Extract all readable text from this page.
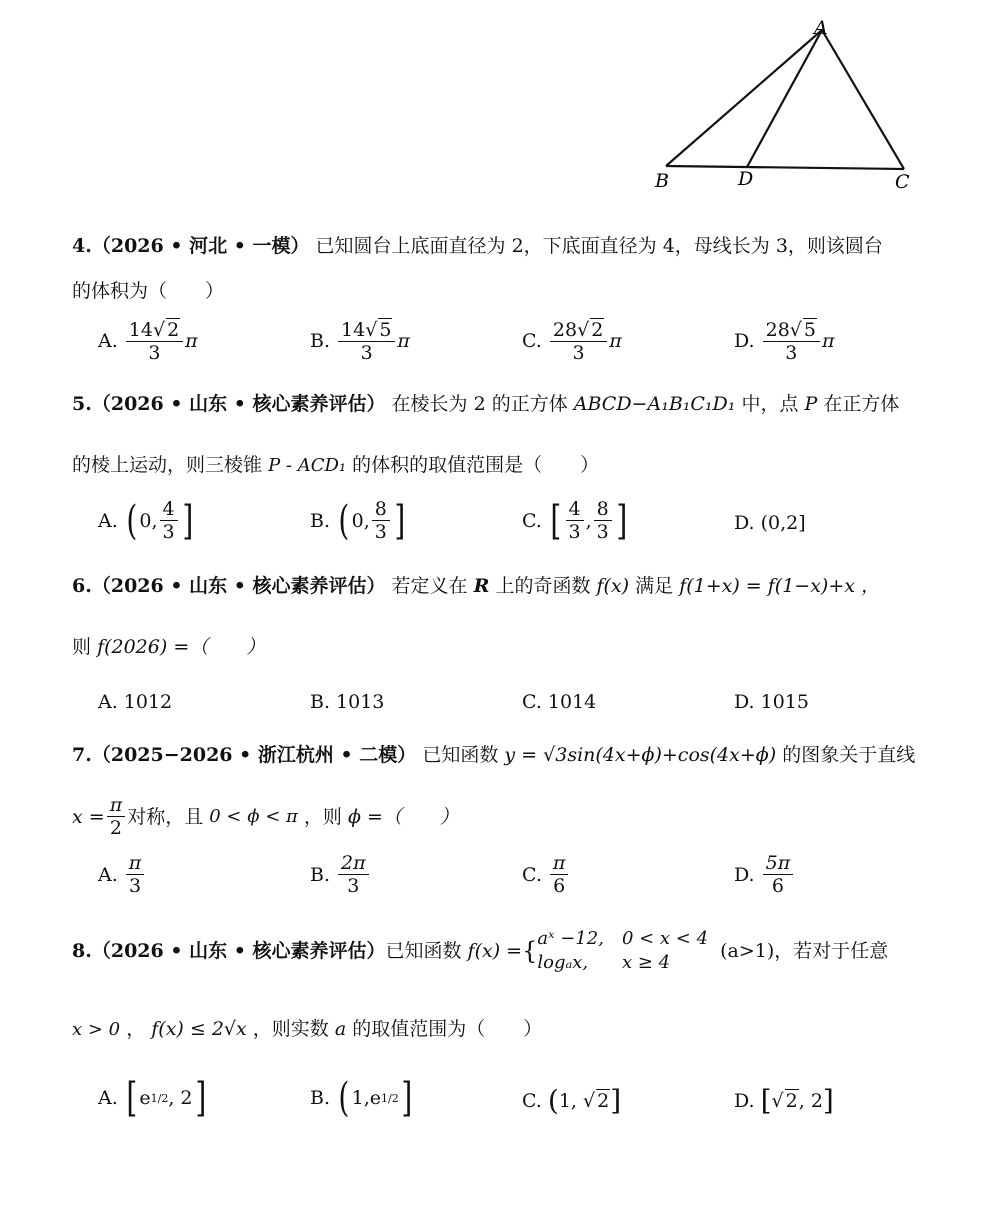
A
B	D	C
4.（2026 • 河北 • 一模） 已知圆台上底面直径为 2，下底面直径为 4，母线长为 3，则该圆台
的体积为（　　）
A. $\frac{14√ 2}{3}$ π	B. $\frac{14√ 5}{3}$ π	C. $\frac{28√ 2}{3}$ π	D. $\frac{28√ 5}{3}$ π
5.（2026 • 山东 • 核心素养评估） 在棱长为 2 的正方体 ABCD−A₁B₁C₁D₁ 中，点 P 在正方体
的棱上运动，则三棱锥 P - ACD₁ 的体积的取值范围是（　　）
A. ( 0, $\frac{4}{3}$ ]	B. ( 0, $\frac{8}{3}$ ]	C. [ $\frac{4}{3}$ , $\frac{8}{3}$ ]	D. (0,2]
6.（2026 • 山东 • 核心素养评估） 若定义在 R 上的奇函数 f(x) 满足 f(1+x) = f(1−x)+x ，
则 f(2026) =（　　）
A. 1012	B. 1013	C. 1014	D. 1015
7.（2025−2026 • 浙江杭州 • 二模） 已知函数 y = √3sin(4x+ϕ)+cos(4x+ϕ) 的图象关于直线
$x = \frac{\pi}{2}$ 对称，且
0 < ϕ < π
，则
ϕ =（　　）
A. $\frac{\pi}{3}$	B. $\frac{2\pi}{3}$	C. $\frac{\pi}{6}$	D. $\frac{5\pi}{6}$
8. （2026 • 山东 • 核心素养评估） 已知函数
f(x) = { aˣ −12, 0 < x < 4
logₐx,	x ≥ 4

(a>1)，若对于任意
x > 0 ， f(x) ≤ 2√x ，则实数 a 的取值范围为（　　）
A. [ e 1/2 , 2 ]	B. ( 1, e 1/2 ]	C. ( 1, √ 2 ]	D. [ √ 2 , 2 ]
